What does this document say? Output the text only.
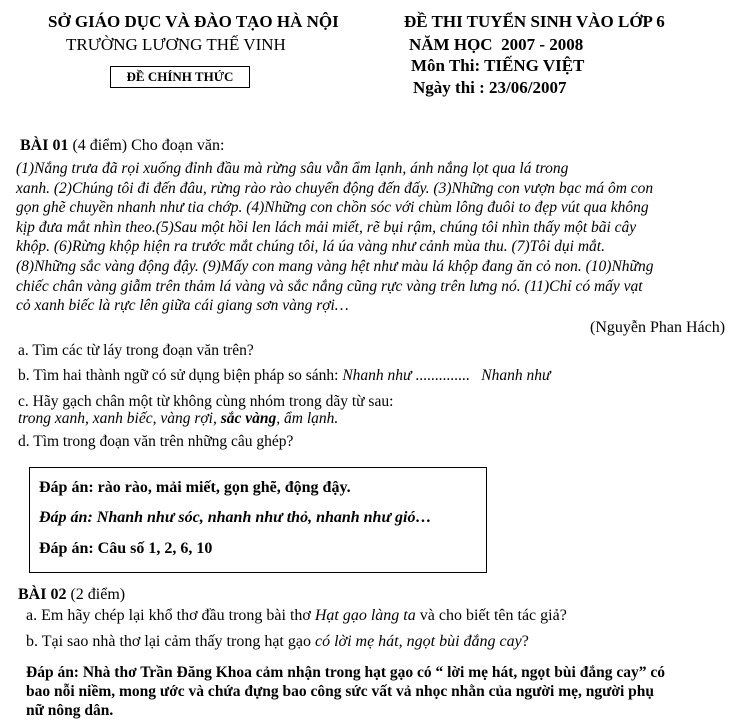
SỞ GIÁO DỤC VÀ ĐÀO TẠO HÀ NỘI
TRƯỜNG LƯƠNG THẾ VINH
ĐỀ CHÍNH THỨC
ĐỀ THI TUYỂN SINH VÀO LỚP 6
NĂM HỌC 2007 - 2008
Môn Thi: TIẾNG VIỆT
Ngày thi : 23/06/2007
BÀI 01 (4 điểm) Cho đoạn văn:

(1)Nắng trưa đã rọi xuống đỉnh đầu mà rừng sâu vẫn ẩm lạnh, ánh nắng lọt qua lá trong

xanh. (2)Chúng tôi đi đến đâu, rừng rào rào chuyển động đến đấy. (3)Những con vượn bạc má ôm con

gọn ghẽ chuyền nhanh như tia chớp. (4)Những con chồn sóc với chùm lông đuôi to đẹp vút qua không

kịp đưa mắt nhìn theo.(5)Sau một hồi len lách mải miết, rẽ bụi rậm, chúng tôi nhìn thấy một bãi cây

khộp. (6)Rừng khộp hiện ra trước mắt chúng tôi, lá úa vàng như cảnh mùa thu. (7)Tôi dụi mắt.

(8)Những sắc vàng động đậy. (9)Mấy con mang vàng hệt như màu lá khộp đang ăn cỏ non. (10)Những

chiếc chân vàng giẫm trên thảm lá vàng và sắc nắng cũng rực vàng trên lưng nó. (11)Chỉ có mấy vạt

cỏ xanh biếc là rực lên giữa cái giang sơn vàng rợi…

(Nguyễn Phan Hách)
a. Tìm các từ láy trong đoạn văn trên?
b. Tìm hai thành ngữ có sử dụng biện pháp so sánh: Nhanh như .............. Nhanh như
c. Hãy gạch chân một từ không cùng nhóm trong dãy từ sau:
trong xanh, xanh biếc, vàng rợi, sắc vàng, ẩm lạnh.
d. Tìm trong đoạn văn trên những câu ghép?
Đáp án: rào rào, mải miết, gọn ghẽ, động đậy.
Đáp án: Nhanh như sóc, nhanh như thỏ, nhanh như gió…
Đáp án: Câu số 1, 2, 6, 10
BÀI 02 (2 điểm)
a. Em hãy chép lại khổ thơ đầu trong bài thơ Hạt gạo làng ta và cho biết tên tác giả?
b. Tại sao nhà thơ lại cảm thấy trong hạt gạo có lời mẹ hát, ngọt bùi đắng cay?
Đáp án: Nhà thơ Trần Đăng Khoa cảm nhận trong hạt gạo có “ lời mẹ hát, ngọt bùi đắng cay” có
bao nỗi niềm, mong ước và chứa đựng bao công sức vất vả nhọc nhằn của người mẹ, người phụ
nữ nông dân.
